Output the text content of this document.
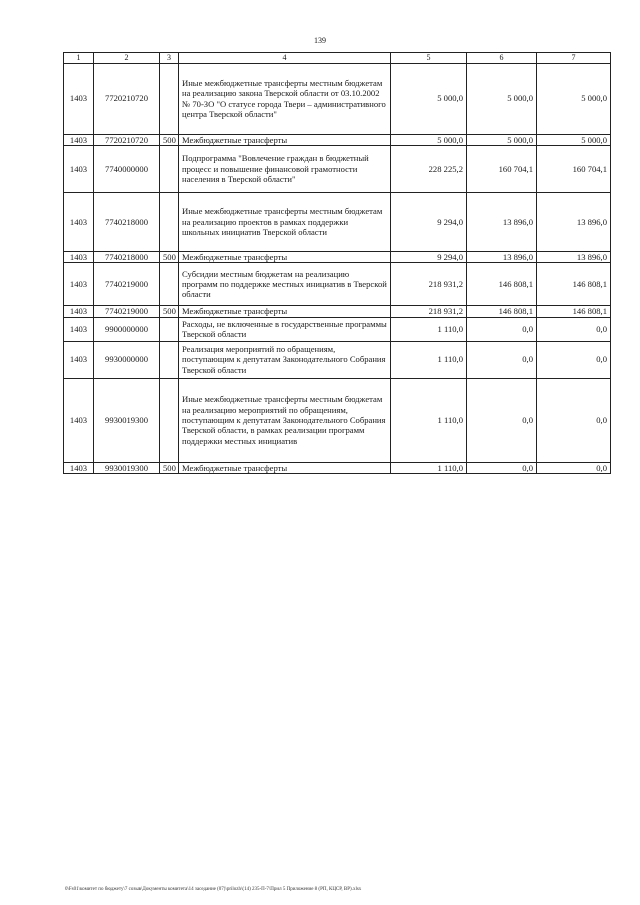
139
1	2	3	4	5	6	7
1403	7720210720		Иные межбюджетные трансферты местным бюджетам на реализацию закона Тверской области от 03.10.2002 № 70-ЗО "О статусе города Твери – административного центра Тверской области"	5 000,0	5 000,0	5 000,0
1403	7720210720	500	Межбюджетные трансферты	5 000,0	5 000,0	5 000,0
1403	7740000000		Подпрограмма "Вовлечение граждан в бюджетный процесс и повышение финансовой грамотности населения в Тверской области"	228 225,2	160 704,1	160 704,1
1403	7740218000		Иные межбюджетные трансферты местным бюджетам на реализацию проектов в рамках поддержки школьных инициатив Тверской области	9 294,0	13 896,0	13 896,0
1403	7740218000	500	Межбюджетные трансферты	9 294,0	13 896,0	13 896,0
1403	7740219000		Субсидии местным бюджетам на реализацию программ по поддержке местных инициатив в Тверской области	218 931,2	146 808,1	146 808,1
1403	7740219000	500	Межбюджетные трансферты	218 931,2	146 808,1	146 808,1
1403	9900000000		Расходы, не включенные в государственные программы Тверской области	1 110,0	0,0	0,0
1403	9930000000		Реализация мероприятий по обращениям, поступающим к депутатам Законодательного Собрания Тверской области	1 110,0	0,0	0,0
1403	9930019300		Иные межбюджетные трансферты местным бюджетам на реализацию мероприятий по обращениям, поступающим к депутатам Законодательного Собрания Тверской области, в рамках реализации программ поддержки местных инициатив	1 110,0	0,0	0,0
1403	9930019300	500	Межбюджетные трансферты	1 110,0	0,0	0,0
0\Fs01\комитет по бюджету\7 созыв\Документы комитета\14 заседание (07)\prilozh\(14) 235-П-7\Прил 5 Приложение 8 (РП, КЦСР, ВР).xlsx
